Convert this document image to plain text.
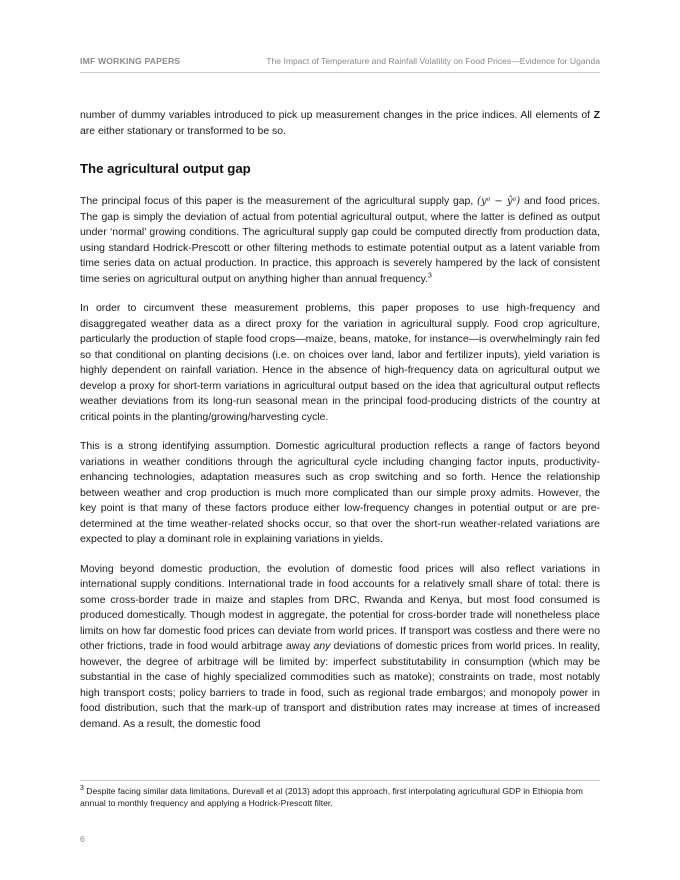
IMF WORKING PAPERS	The Impact of Temperature and Rainfall Volatility on Food Prices—Evidence for Uganda

number of dummy variables introduced to pick up measurement changes in the price indices. All elements of Z are either stationary or transformed to be so.

The agricultural output gap

The principal focus of this paper is the measurement of the agricultural supply gap, (yᵃ − ŷᵃ) and food prices. The gap is simply the deviation of actual from potential agricultural output, where the latter is defined as output under ‘normal’ growing conditions. The agricultural supply gap could be computed directly from production data, using standard Hodrick-Prescott or other filtering methods to estimate potential output as a latent variable from time series data on actual production. In practice, this approach is severely hampered by the lack of consistent time series on agricultural output on anything higher than annual frequency.$^3$

In order to circumvent these measurement problems, this paper proposes to use high-frequency and disaggregated weather data as a direct proxy for the variation in agricultural supply. Food crop agriculture, particularly the production of staple food crops—maize, beans, matoke, for instance—is overwhelmingly rain fed so that conditional on planting decisions (i.e. on choices over land, labor and fertilizer inputs), yield variation is highly dependent on rainfall variation. Hence in the absence of high-frequency data on agricultural output we develop a proxy for short-term variations in agricultural output based on the idea that agricultural output reflects weather deviations from its long-run seasonal mean in the principal food-producing districts of the country at critical points in the planting/growing/harvesting cycle.

This is a strong identifying assumption. Domestic agricultural production reflects a range of factors beyond variations in weather conditions through the agricultural cycle including changing factor inputs, productivity-enhancing technologies, adaptation measures such as crop switching and so forth. Hence the relationship between weather and crop production is much more complicated than our simple proxy admits. However, the key point is that many of these factors produce either low-frequency changes in potential output or are pre-determined at the time weather-related shocks occur, so that over the short-run weather-related variations are expected to play a dominant role in explaining variations in yields.

Moving beyond domestic production, the evolution of domestic food prices will also reflect variations in international supply conditions. International trade in food accounts for a relatively small share of total: there is some cross-border trade in maize and staples from DRC, Rwanda and Kenya, but most food consumed is produced domestically. Though modest in aggregate, the potential for cross-border trade will nonetheless place limits on how far domestic food prices can deviate from world prices. If transport was costless and there were no other frictions, trade in food would arbitrage away any deviations of domestic prices from world prices. In reality, however, the degree of arbitrage will be limited by: imperfect substitutability in consumption (which may be substantial in the case of highly specialized commodities such as matoke); constraints on trade, most notably high transport costs; policy barriers to trade in food, such as regional trade embargos; and monopoly power in food distribution, such that the mark-up of transport and distribution rates may increase at times of increased demand. As a result, the domestic food

$^3$ Despite facing similar data limitations, Durevall et al (2013) adopt this approach, first interpolating agricultural GDP in Ethiopia from annual to monthly frequency and applying a Hodrick-Prescott filter.
6
